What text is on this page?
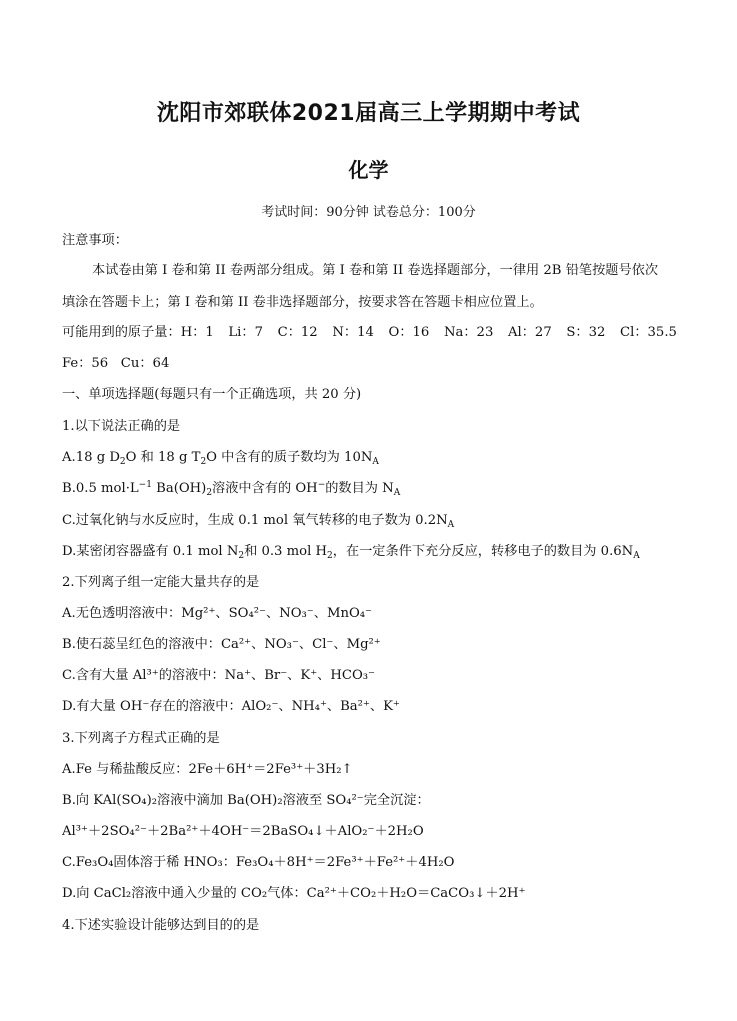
沈阳市郊联体2021届高三上学期期中考试
化学
考试时间：90分钟 试卷总分：100分
注意事项：
本试卷由第 I 卷和第 II 卷两部分组成。第 I 卷和第 II 卷选择题部分，一律用 2B 铅笔按题号依次
填涂在答题卡上；第 I 卷和第 II 卷非选择题部分，按要求答在答题卡相应位置上。
可能用到的原子量：H：1 Li：7 C：12 N：14 O：16 Na：23 Al：27 S：32 Cl：35.5
Fe：56 Cu：64
一、单项选择题(每题只有一个正确选项，共 20 分)
1.以下说法正确的是
A.18 g $D_2O$ 和 18 g $T_2O$ 中含有的质子数均为 $10N_A$
B.0.5 $mol\cdot L^{-1}$ $Ba(OH)_2$溶液中含有的 OH−的数目为 $N_A$
C.过氧化钠与水反应时，生成 0.1 mol 氧气转移的电子数为 $0.2N_A$
D.某密闭容器盛有 0.1 mol $N_2$和 0.3 mol $H_2$，在一定条件下充分反应，转移电子的数目为 $0.6N_A$
2.下列离子组一定能大量共存的是
A.无色透明溶液中：Mg²⁺、SO₄²⁻、NO₃⁻、MnO₄⁻
B.使石蕊呈红色的溶液中：Ca²⁺、NO₃⁻、Cl⁻、Mg²⁺
C.含有大量 Al³⁺的溶液中：Na⁺、Br⁻、K⁺、HCO₃⁻
D.有大量 OH⁻存在的溶液中：AlO₂⁻、NH₄⁺、Ba²⁺、K⁺
3.下列离子方程式正确的是
A.Fe 与稀盐酸反应：2Fe＋6H⁺＝2Fe³⁺＋3H₂↑
B.向 KAl(SO₄)₂溶液中滴加 Ba(OH)₂溶液至 SO₄²⁻完全沉淀：
Al³⁺＋2SO₄²⁻＋2Ba²⁺＋4OH⁻＝2BaSO₄↓＋AlO₂⁻＋2H₂O
C.Fe₃O₄固体溶于稀 HNO₃：Fe₃O₄＋8H⁺＝2Fe³⁺＋Fe²⁺＋4H₂O
D.向 CaCl₂溶液中通入少量的 CO₂气体：Ca²⁺＋CO₂＋H₂O＝CaCO₃↓＋2H⁺
4.下述实验设计能够达到目的的是
